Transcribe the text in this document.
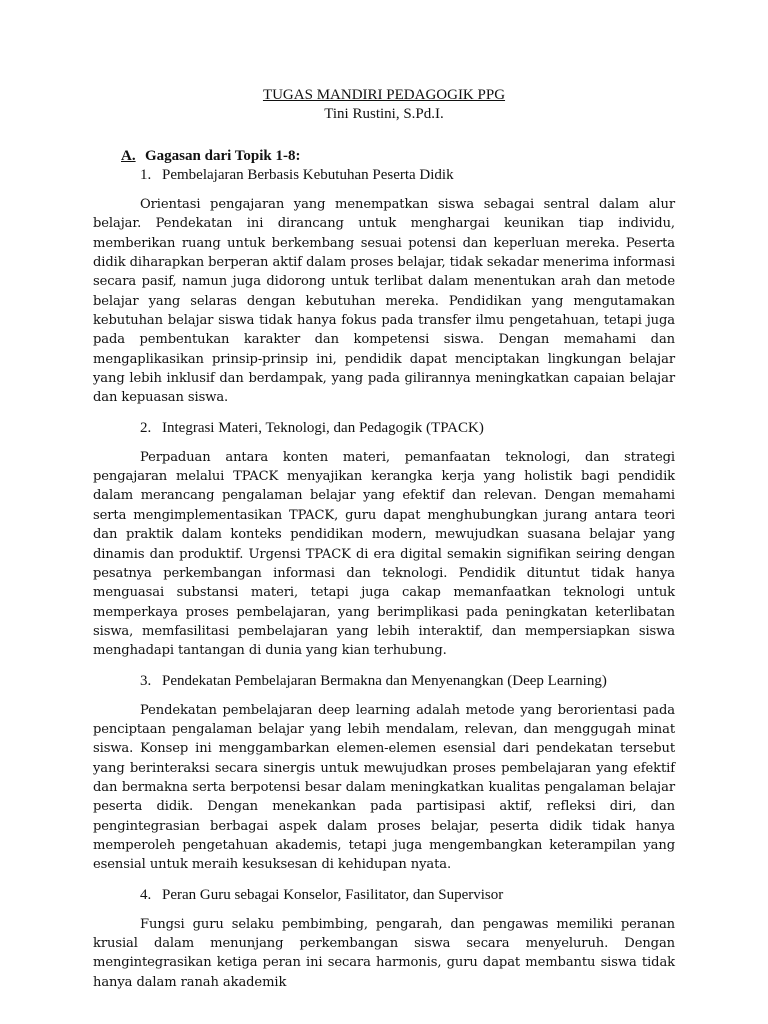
TUGAS MANDIRI PEDAGOGIK PPG

Tini Rustini, S.Pd.I.

A. Gagasan dari Topik 1-8:

1. Pembelajaran Berbasis Kebutuhan Peserta Didik

Orientasi pengajaran yang menempatkan siswa sebagai sentral dalam alur belajar. Pendekatan ini dirancang untuk menghargai keunikan tiap individu, memberikan ruang untuk berkembang sesuai potensi dan keperluan mereka. Peserta didik diharapkan berperan aktif dalam proses belajar, tidak sekadar menerima informasi secara pasif, namun juga didorong untuk terlibat dalam menentukan arah dan metode belajar yang selaras dengan kebutuhan mereka. Pendidikan yang mengutamakan kebutuhan belajar siswa tidak hanya fokus pada transfer ilmu pengetahuan, tetapi juga pada pembentukan karakter dan kompetensi siswa. Dengan memahami dan mengaplikasikan prinsip-prinsip ini, pendidik dapat menciptakan lingkungan belajar yang lebih inklusif dan berdampak, yang pada gilirannya meningkatkan capaian belajar dan kepuasan siswa.

2. Integrasi Materi, Teknologi, dan Pedagogik (TPACK)

Perpaduan antara konten materi, pemanfaatan teknologi, dan strategi pengajaran melalui TPACK menyajikan kerangka kerja yang holistik bagi pendidik dalam merancang pengalaman belajar yang efektif dan relevan. Dengan memahami serta mengimplementasikan TPACK, guru dapat menghubungkan jurang antara teori dan praktik dalam konteks pendidikan modern, mewujudkan suasana belajar yang dinamis dan produktif. Urgensi TPACK di era digital semakin signifikan seiring dengan pesatnya perkembangan informasi dan teknologi. Pendidik dituntut tidak hanya menguasai substansi materi, tetapi juga cakap memanfaatkan teknologi untuk memperkaya proses pembelajaran, yang berimplikasi pada peningkatan keterlibatan siswa, memfasilitasi pembelajaran yang lebih interaktif, dan mempersiapkan siswa menghadapi tantangan di dunia yang kian terhubung.

3. Pendekatan Pembelajaran Bermakna dan Menyenangkan (Deep Learning)

Pendekatan pembelajaran deep learning adalah metode yang berorientasi pada penciptaan pengalaman belajar yang lebih mendalam, relevan, dan menggugah minat siswa. Konsep ini menggambarkan elemen-elemen esensial dari pendekatan tersebut yang berinteraksi secara sinergis untuk mewujudkan proses pembelajaran yang efektif dan bermakna serta berpotensi besar dalam meningkatkan kualitas pengalaman belajar peserta didik. Dengan menekankan pada partisipasi aktif, refleksi diri, dan pengintegrasian berbagai aspek dalam proses belajar, peserta didik tidak hanya memperoleh pengetahuan akademis, tetapi juga mengembangkan keterampilan yang esensial untuk meraih kesuksesan di kehidupan nyata.

4. Peran Guru sebagai Konselor, Fasilitator, dan Supervisor

Fungsi guru selaku pembimbing, pengarah, dan pengawas memiliki peranan krusial dalam menunjang perkembangan siswa secara menyeluruh. Dengan mengintegrasikan ketiga peran ini secara harmonis, guru dapat membantu siswa tidak hanya dalam ranah akademik
